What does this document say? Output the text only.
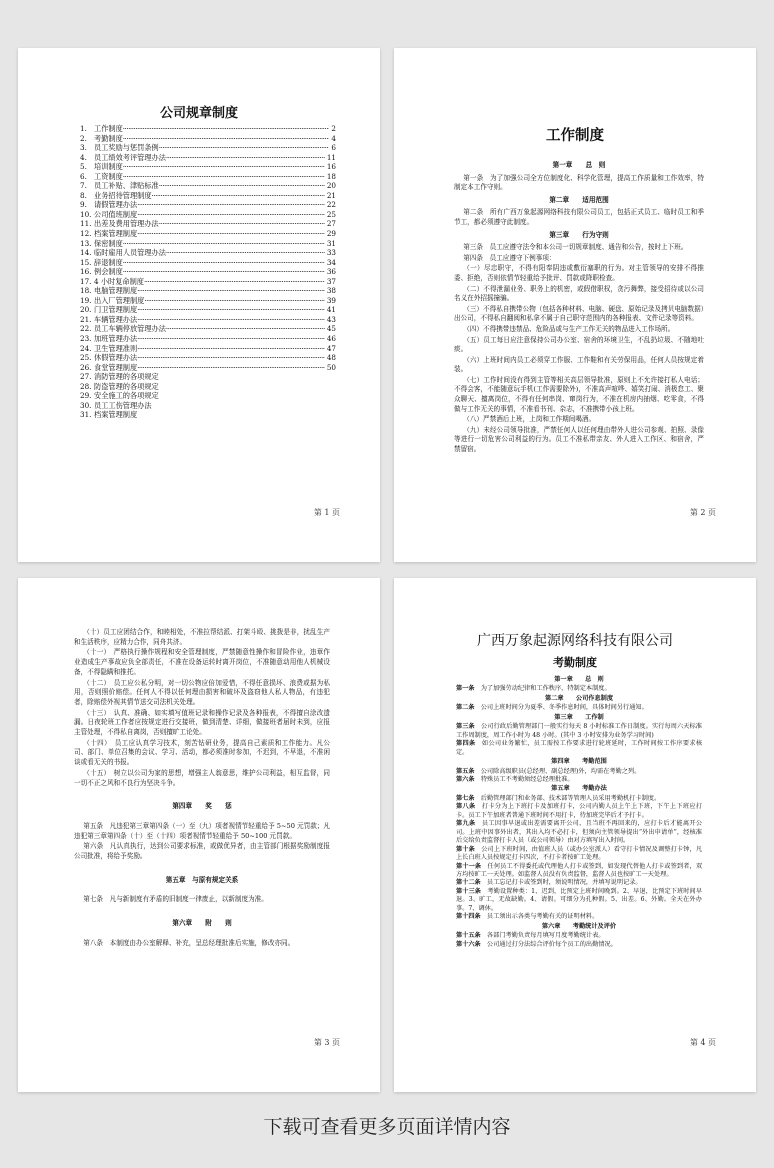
公司规章制度
1. 工作制度 ·····	2
2. 考勤制度 ·····	4
3. 员工奖励与惩罚条例 ·····	6
4. 员工绩效考评管理办法 ·····	11
5. 培训制度 ·····	16
6. 工资制度 ·····	18
7. 员工补贴、津贴标准 ·····	20
8. 业务招待管理制度 ·····	21
9. 请假管理办法 ·····	22
10. 公司值班制度 ·····	25
11. 出差及费用管理办法 ·····	27
12. 档案管理制度 ·····	29
13. 保密制度 ·····	31
14. 临时雇用人员管理办法 ·····	33
15. 辞退制度 ·····	34
16. 例会制度 ·····	36
17. 4 小时复命制度 ·····	37
18. 电脑管理制度 ·····	38
19. 出入厂管理制度 ·····	39
20. 门卫管理制度 ·····	41
21. 车辆管理办法 ·····	43
22. 员工车辆停放管理办法 ·····	45
23. 加班管理办法 ·····	46
24. 卫生管理准则 ·····	47
25. 休假管理办法 ·····	48
26. 食堂管理制度 ·····	50
27. 消防管理的各项规定
28. 防盗管理的各项规定
29. 安全施工的各项规定
30. 员工工伤管理办法
31. 档案管理制度
第 1 页
工作制度
第一章　　总　则
第一条　为了加强公司全方位制度化、科学化管理，提高工作质量和工作效率，特制定本工作守则。
第二章　　适用范围
第二条　所有广西万象起源网络科技有限公司员工，包括正式员工、临时员工和季节工，都必须遵守此制度。
第三章　　行为守则
第三条　员工应遵守法令和本公司一切规章制度、通告和公告，按时上下班。
第四条　员工应遵守下例事项：
（一）尽忠职守，不得有阳奉阴违或敷衍塞职的行为。对主管领导的安排不得推委、拒绝，否则依情节轻重给予批评、罚款或降职检查。
（二）不得泄漏业务、职务上的机密，或假借职权，贪污舞弊，接受招待或以公司名义在外招摇撞骗。
（三）不得私自携带公物（包括各种材料、电脑、硬盘、原始记录及拷贝电脑数据）出公司，不得私自翻阅和私拿不属于自己职守范围内的各种报表、文件记录等资料。
（四）不得携带违禁品、危险品或与生产工作无关的物品进入工作场所。
（五）员工每日应注意保持公司办公室、宿舍的环境卫生，不乱扔垃圾、不随地吐痰。
（六）上班时间内员工必须穿工作服、工作鞋和有关劳保用品，任何人员按规定着装。
（七）工作时间没有得到主管等相关高层领导批准，原则上不允许接打私人电话；不得会客，不能随意玩手机(工作需要除外)，不准高声喧哗、嬉笑打闹、消极怠工、聚众聊天、擅离岗位，不得有任何串岗、窜岗行为，不准在机房内抽烟、吃零食，不得做与工作无关的事情，不准看书刊、杂志，不准携带小孩上班。
（八）严禁酒后上班，上岗和工作期间喝酒。
（九）未经公司领导批准，严禁任何人以任何理由带外人进公司参观、拍照、录像等进行一切危害公司利益的行为。员工不准私带亲友、外人进入工作区、和宿舍，严禁留宿。
第 2 页
（十）员工应团结合作，和睦相处，不准拉帮结派、打架斗殴、挑拨是非，扰乱生产和生活秩序，应精力合作，同舟共济。
（十一）　严格执行操作规程和安全管理制度，严禁随意性操作和冒险作业，违章作业造成生产事故应负全部责任，不准在设备运转时离开岗位，不准随意动用他人机械设备，不得隐瞒和推托。
（十二）　员工应公私分明，对一切公物应倍加爱惜，不得任意损坏、浪费或据为私用，否则照价赔偿。任何人不得以任何理由损害和破坏及盗窃他人私人物品，有违犯者，除赔偿外视其情节送交司法机关处理。
（十三）　认真、准确、如实填写值班记录和操作记录及各种报表，不得擅自涂改遗漏。日夜轮班工作者应按规定进行交接班，做到清楚、详细，做接班者届时未到，应报主管处理，不得私自离岗，否则擅旷工论处。
（十四）　员工应认真学习技术，刻苦钻研业务，提高自己素质和工作能力。凡公司、部门、单位召集的会议、学习、活动，都必须准时参加，不迟到，不早退，不准闲谈或看无关的书报。
（十五）　树立以公司为家的思想，增强主人翁意思，维护公司利益，相互监督，同一切不正之风和不良行为坚决斗争。
第四章　　奖　　惩
第五条　凡违犯第三章第四条（一）至（九）项者视情节轻重给予 5~50 元罚款；凡违犯第三章第四条（十）至（十四）项者视情节轻重给予 50~100 元罚款。
第六条　凡认真执行，达到公司要求标准，或做优异者，由主管部门根据奖励制度报公司批准，将给予奖励。
第五章　与原有规定关系
第七条　凡与新制度有矛盾的旧制度一律废止，以新制度为准。
第六章　　附　　则
第八条　本制度由办公室解释、补充，呈总经理批准后实施，修改亦同。
第 3 页
广西万象起源网络科技有限公司
考勤制度
第一章　　总　则
第一条　为了加强劳动纪律和工作秩序，特制定本制度。
第二章　　公司作息制度
第二条　公司上班时间分为夏季、冬季作息时间，具体时间另行通知。
第三章　　工作制
第三条　公司行政后勤管理部门一般实行每天 8 小时标准工作日制度。实行每周六天标准工作周制度，周工作小时为 48 小时。(其中 3 小时安排为业务学习时间)
第四条　如公司业务繁忙，员工需按工作要求进行轮班延时，工作时间按工作序要求核定。
第四章　　考勤范围
第五条　公司除高级职员(总经理、副总经理)外，均需在考勤之列。
第六条　特殊员工不考勤须经总经理批准。
第五章　　考勤办法
第七条　后勤管理部门和业务部、技术部等管理人员采用考勤机打卡制度。
第八条　打卡分为上下班打卡及加班打卡，公司内勤人员上午上下班，下午上下班应打卡。员工下午加班者普通下班时间不用打卡，待加班完毕后才予打卡。
第九条　员工因事早退或出差需要离开公司，且当班不再回来的，应打卡后才能离开公司。上班中因事外出者，其出入均不必打卡，但须向主管领导提出“外出申请单”，经核准后交给负责监督打卡人员（或公司领导）由对方填写出入时间。
第十条　公司上下班时间，由值班人员（或办公室派人）看守打卡情况及调整打卡钟，凡上长白班人员按规定打卡四次，不打卡者按旷工处理。
第十一条　任何员工不得委托或代理他人打卡或签到，如发现代替他人打卡或签到者，双方均按旷工一天处理。如监督人员没有负责监督，监督人员也按旷工一天处理。
第十二条　员工忘记打卡或签到时，须说明情况，并填写说明记录。
第十三条　考勤设置种类：1、迟到，比预定上班时间晚到。2、早退，比预定下班时间早退。3、旷工，无故缺勤。4、请假。可细分为孔种假。5、出差。6、外勤。全天在外办事。7、调休。
第十四条　员工须出示各类与考勤有关的证明材料。
第六章　　考勤统计及评价
第十五条　各部门考勤负责每月填写月度考勤统计表。
第十六条　公司通过打分法综合评价每个员工的出勤情况。
第 4 页
下载可查看更多页面详情内容
